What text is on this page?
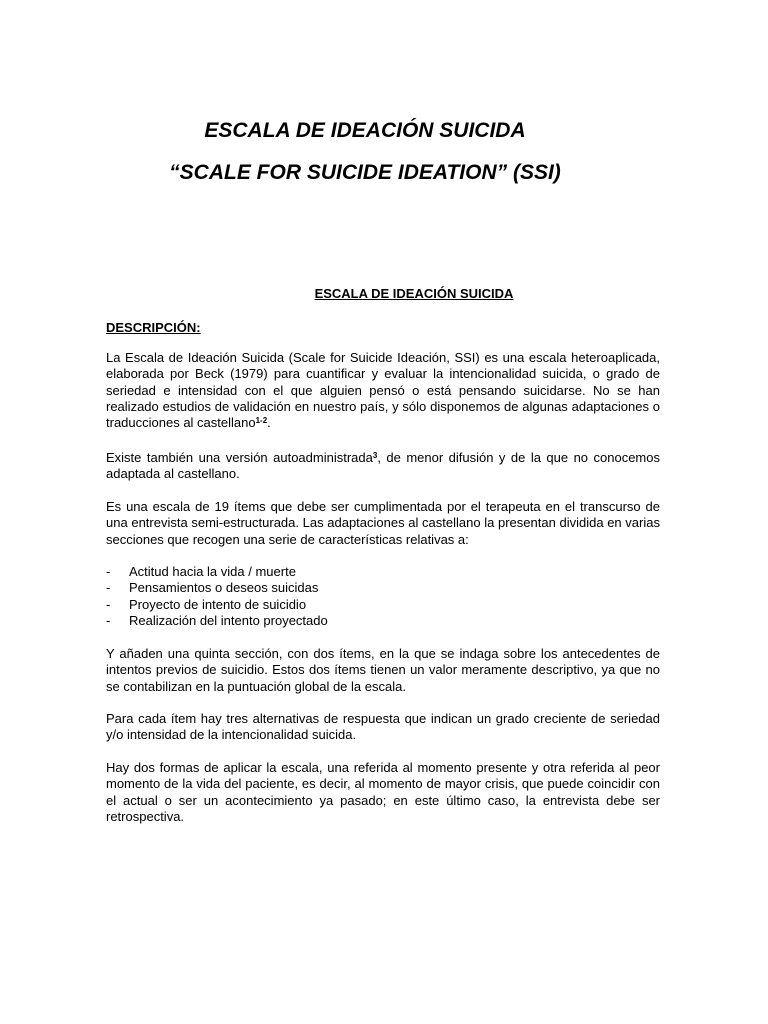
ESCALA DE IDEACIÓN SUICIDA
“SCALE FOR SUICIDE IDEATION” (SSI)
ESCALA DE IDEACIÓN SUICIDA
DESCRIPCIÓN:
La Escala de Ideación Suicida (Scale for Suicide Ideación, SSI) es una escala heteroaplicada, elaborada por Beck (1979) para cuantificar y evaluar la intencionalidad suicida, o grado de seriedad e intensidad con el que alguien pensó o está pensando suicidarse. No se han realizado estudios de validación en nuestro país, y sólo disponemos de algunas adaptaciones o traducciones al castellano$^{1-2}$.
Existe también una versión autoadministrada$^3$, de menor difusión y de la que no conocemos adaptada al castellano.
Es una escala de 19 ítems que debe ser cumplimentada por el terapeuta en el transcurso de una entrevista semi-estructurada. Las adaptaciones al castellano la presentan dividida en varias secciones que recogen una serie de características relativas a:
- Actitud hacia la vida / muerte
- Pensamientos o deseos suicidas
- Proyecto de intento de suicidio
- Realización del intento proyectado
Y añaden una quinta sección, con dos ítems, en la que se indaga sobre los antecedentes de intentos previos de suicidio. Estos dos ítems tienen un valor meramente descriptivo, ya que no se contabilizan en la puntuación global de la escala.
Para cada ítem hay tres alternativas de respuesta que indican un grado creciente de seriedad y/o intensidad de la intencionalidad suicida.
Hay dos formas de aplicar la escala, una referida al momento presente y otra referida al peor momento de la vida del paciente, es decir, al momento de mayor crisis, que puede coincidir con el actual o ser un acontecimiento ya pasado; en este último caso, la entrevista debe ser retrospectiva.
